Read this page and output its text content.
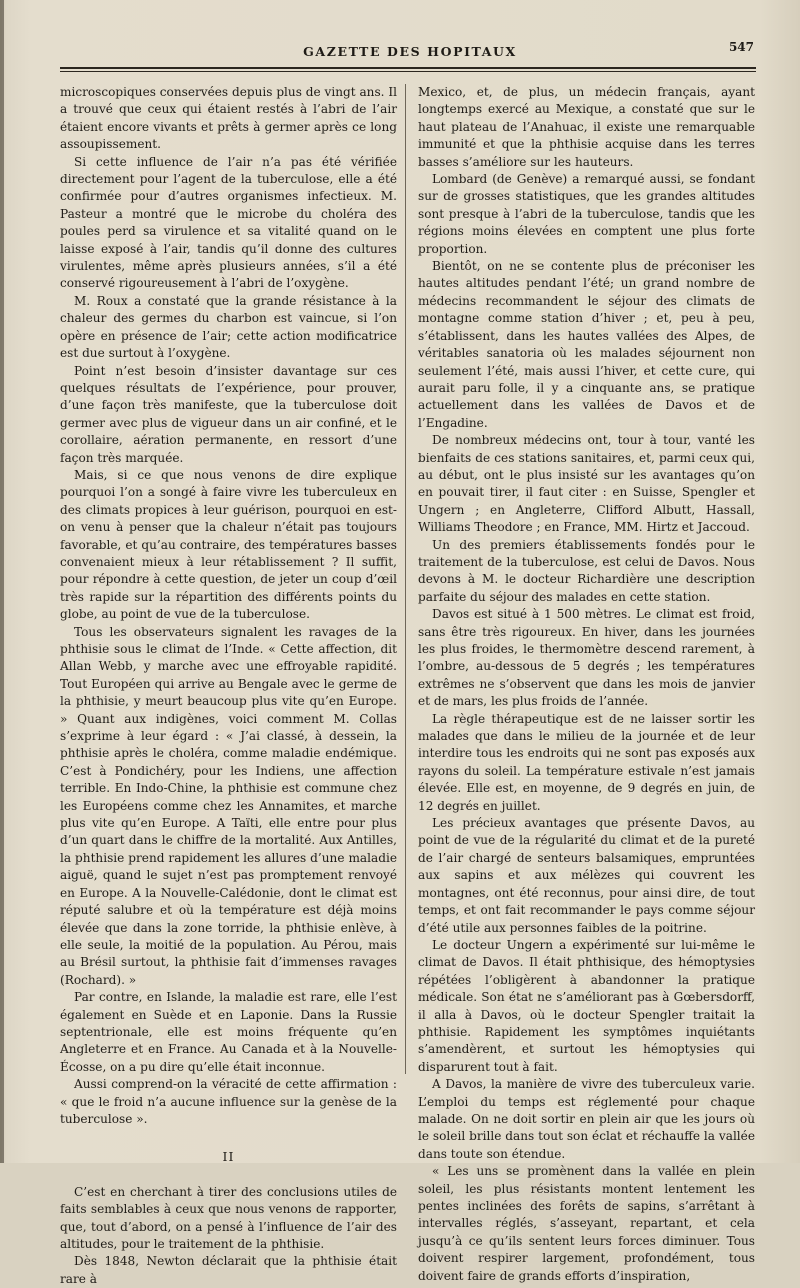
GAZETTE DES HOPITAUX	547

microscopiques conservées depuis plus de vingt ans. Il a trouvé que ceux qui étaient restés à l’abri de l’air étaient encore vivants et prêts à germer après ce long assoupissement.

Si cette influence de l’air n’a pas été vérifiée directement pour l’agent de la tuberculose, elle a été confirmée pour d’autres organismes infectieux. M. Pasteur a montré que le microbe du choléra des poules perd sa virulence et sa vitalité quand on le laisse exposé à l’air, tandis qu’il donne des cultures virulentes, même après plusieurs années, s’il a été conservé rigoureusement à l’abri de l’oxygène.

M. Roux a constaté que la grande résistance à la chaleur des germes du charbon est vaincue, si l’on opère en présence de l’air; cette action modificatrice est due surtout à l’oxygène.

Point n’est besoin d’insister davantage sur ces quelques résultats de l’expérience, pour prouver, d’une façon très manifeste, que la tuberculose doit germer avec plus de vigueur dans un air confiné, et le corollaire, aération permanente, en ressort d’une façon très marquée.

Mais, si ce que nous venons de dire explique pourquoi l’on a songé à faire vivre les tuberculeux en des climats propices à leur guérison, pourquoi en est-on venu à penser que la chaleur n’était pas toujours favorable, et qu’au contraire, des températures basses convenaient mieux à leur rétablissement ? Il suffit, pour répondre à cette question, de jeter un coup d’œil très rapide sur la répartition des différents points du globe, au point de vue de la tuberculose.

Tous les observateurs signalent les ravages de la phthisie sous le climat de l’Inde. « Cette affection, dit Allan Webb, y marche avec une effroyable rapidité. Tout Européen qui arrive au Bengale avec le germe de la phthisie, y meurt beaucoup plus vite qu’en Europe. » Quant aux indigènes, voici comment M. Collas s’exprime à leur égard : « J’ai classé, à dessein, la phthisie après le choléra, comme maladie endémique. C’est à Pondichéry, pour les Indiens, une affection terrible. En Indo-Chine, la phthisie est commune chez les Européens comme chez les Annamites, et marche plus vite qu’en Europe. A Taïti, elle entre pour plus d’un quart dans le chiffre de la mortalité. Aux Antilles, la phthisie prend rapidement les allures d’une maladie aiguë, quand le sujet n’est pas promptement renvoyé en Europe. A la Nouvelle-Calédonie, dont le climat est réputé salubre et où la température est déjà moins élevée que dans la zone torride, la phthisie enlève, à elle seule, la moitié de la population. Au Pérou, mais au Brésil surtout, la phthisie fait d’immenses ravages (Rochard). »

Par contre, en Islande, la maladie est rare, elle l’est également en Suède et en Laponie. Dans la Russie septentrionale, elle est moins fréquente qu’en Angleterre et en France. Au Canada et à la Nouvelle-Écosse, on a pu dire qu’elle était inconnue.

Aussi comprend-on la véracité de cette affirmation : « que le froid n’a aucune influence sur la genèse de la tuberculose ».

II

C’est en cherchant à tirer des conclusions utiles de faits semblables à ceux que nous venons de rapporter, que, tout d’abord, on a pensé à l’influence de l’air des altitudes, pour le traitement de la phthisie.

Dès 1848, Newton déclarait que la phthisie était rare à

Mexico, et, de plus, un médecin français, ayant longtemps exercé au Mexique, a constaté que sur le haut plateau de l’Anahuac, il existe une remarquable immunité et que la phthisie acquise dans les terres basses s’améliore sur les hauteurs.

Lombard (de Genève) a remarqué aussi, se fondant sur de grosses statistiques, que les grandes altitudes sont presque à l’abri de la tuberculose, tandis que les régions moins élevées en comptent une plus forte proportion.

Bientôt, on ne se contente plus de préconiser les hautes altitudes pendant l’été; un grand nombre de médecins recommandent le séjour des climats de montagne comme station d’hiver ; et, peu à peu, s’établissent, dans les hautes vallées des Alpes, de véritables sanatoria où les malades séjournent non seulement l’été, mais aussi l’hiver, et cette cure, qui aurait paru folle, il y a cinquante ans, se pratique actuellement dans les vallées de Davos et de l’Engadine.

De nombreux médecins ont, tour à tour, vanté les bienfaits de ces stations sanitaires, et, parmi ceux qui, au début, ont le plus insisté sur les avantages qu’on en pouvait tirer, il faut citer : en Suisse, Spengler et Ungern ; en Angleterre, Clifford Albutt, Hassall, Williams Theodore ; en France, MM. Hirtz et Jaccoud.

Un des premiers établissements fondés pour le traitement de la tuberculose, est celui de Davos. Nous devons à M. le docteur Richardière une description parfaite du séjour des malades en cette station.

Davos est situé à 1 500 mètres. Le climat est froid, sans être très rigoureux. En hiver, dans les journées les plus froides, le thermomètre descend rarement, à l’ombre, au-dessous de 5 degrés ; les températures extrêmes ne s’observent que dans les mois de janvier et de mars, les plus froids de l’année.

La règle thérapeutique est de ne laisser sortir les malades que dans le milieu de la journée et de leur interdire tous les endroits qui ne sont pas exposés aux rayons du soleil. La température estivale n’est jamais élevée. Elle est, en moyenne, de 9 degrés en juin, de 12 degrés en juillet.

Les précieux avantages que présente Davos, au point de vue de la régularité du climat et de la pureté de l’air chargé de senteurs balsamiques, empruntées aux sapins et aux mélèzes qui couvrent les montagnes, ont été reconnus, pour ainsi dire, de tout temps, et ont fait recommander le pays comme séjour d’été utile aux personnes faibles de la poitrine.

Le docteur Ungern a expérimenté sur lui-même le climat de Davos. Il était phthisique, des hémoptysies répétées l’obligèrent à abandonner la pratique médicale. Son état ne s’améliorant pas à Gœbersdorff, il alla à Davos, où le docteur Spengler traitait la phthisie. Rapidement les symptômes inquiétants s’amendèrent, et surtout les hémoptysies qui disparurent tout à fait.

A Davos, la manière de vivre des tuberculeux varie. L’emploi du temps est réglementé pour chaque malade. On ne doit sortir en plein air que les jours où le soleil brille dans tout son éclat et réchauffe la vallée dans toute son étendue.

« Les uns se promènent dans la vallée en plein soleil, les plus résistants montent lentement les pentes inclinées des forêts de sapins, s’arrêtant à intervalles réglés, s’asseyant, repartant, et cela jusqu’à ce qu’ils sentent leurs forces diminuer. Tous doivent respirer largement, profondément, tous doivent faire de grands efforts d’inspiration,
